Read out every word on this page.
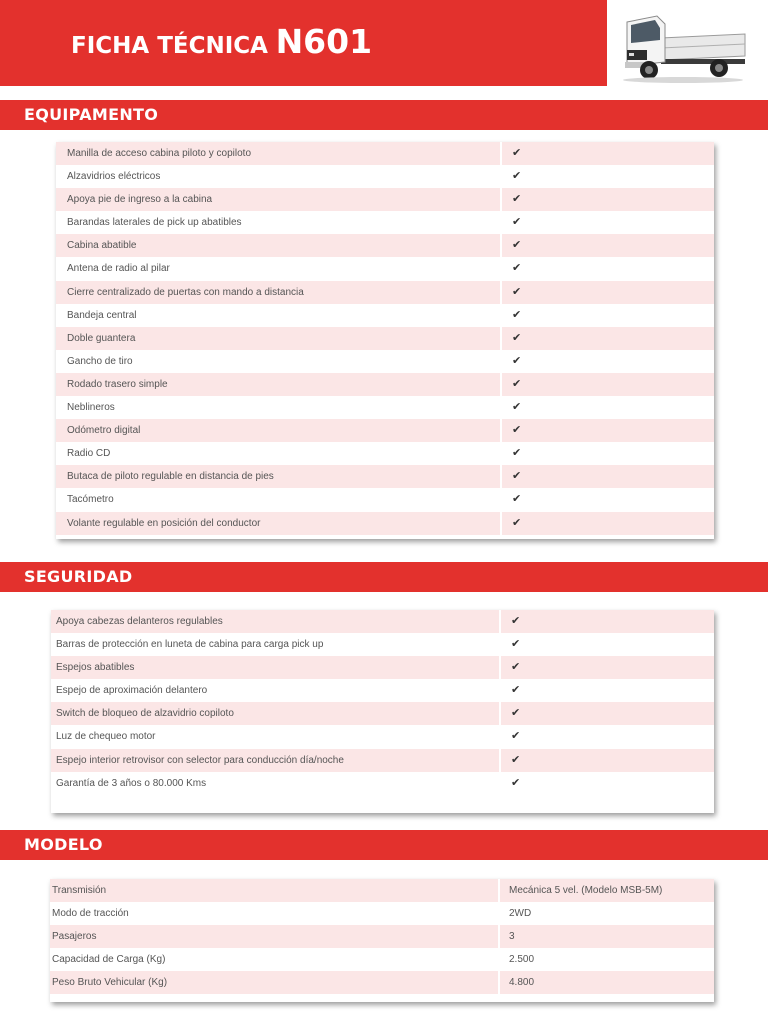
FICHA TÉCNICA N601
EQUIPAMENTO
Manilla de acceso cabina piloto y copiloto	✔
Alzavidrios eléctricos	✔
Apoya pie de ingreso a la cabina	✔
Barandas laterales de pick up abatibles	✔
Cabina abatible	✔
Antena de radio al pilar	✔
Cierre centralizado de puertas con mando a distancia	✔
Bandeja central	✔
Doble guantera	✔
Gancho de tiro	✔
Rodado trasero simple	✔
Neblineros	✔
Odómetro digital	✔
Radio CD	✔
Butaca de piloto regulable en distancia de pies	✔
Tacómetro	✔
Volante regulable en posición del conductor	✔
SEGURIDAD
Apoya cabezas delanteros regulables	✔
Barras de protección en luneta de cabina para carga pick up	✔
Espejos abatibles	✔
Espejo de aproximación delantero	✔
Switch de bloqueo de alzavidrio copiloto	✔
Luz de chequeo motor	✔
Espejo interior retrovisor con selector para conducción día/noche	✔
Garantía de 3 años o 80.000 Kms	✔
MODELO
Transmisión	Mecánica 5 vel. (Modelo MSB-5M)
Modo de tracción	2WD
Pasajeros	3
Capacidad de Carga (Kg)	2.500
Peso Bruto Vehicular (Kg)	4.800
